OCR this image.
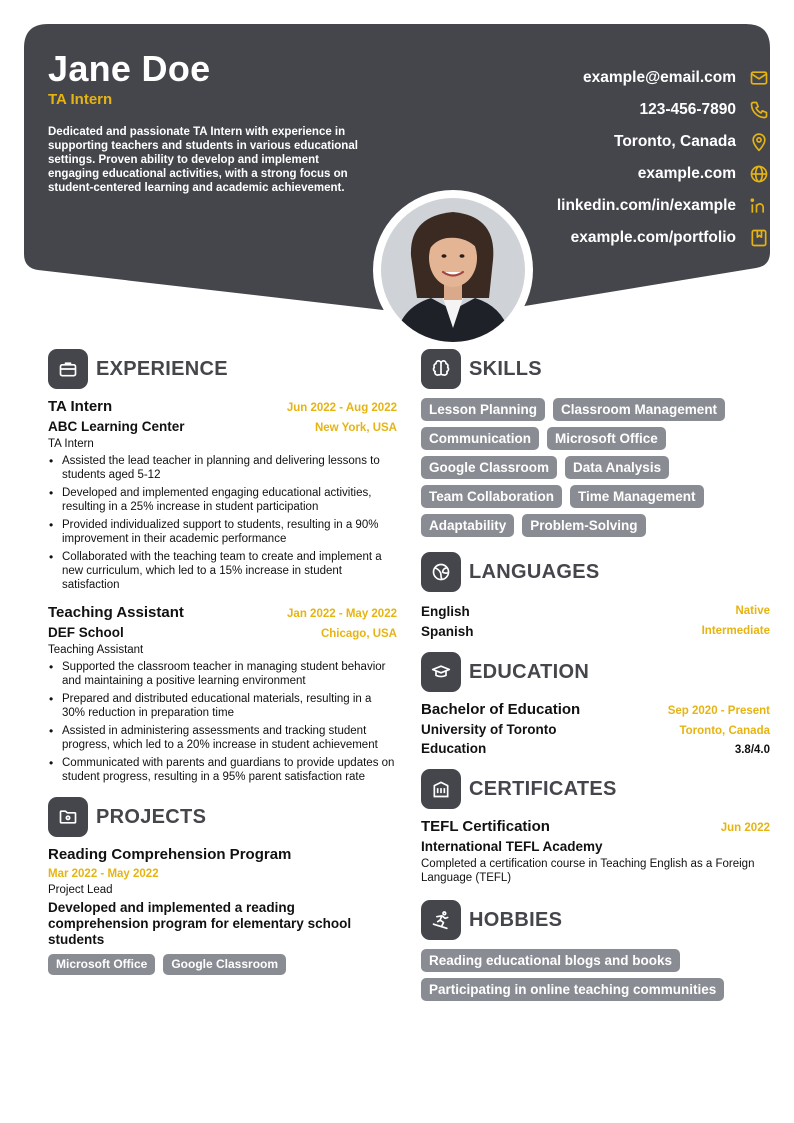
Jane Doe
TA Intern
Dedicated and passionate TA Intern with experience in supporting teachers and students in various educational settings. Proven ability to develop and implement engaging educational activities, with a strong focus on student-centered learning and academic achievement.
example@email.com
123-456-7890
Toronto, Canada
example.com
linkedin.com/in/example
example.com/portfolio
EXPERIENCE
TA Intern	Jun 2022 - Aug 2022
ABC Learning Center	New York, USA
TA Intern
• Assisted the lead teacher in planning and delivering lessons to students aged 5-12
• Developed and implemented engaging educational activities, resulting in a 25% increase in student participation
• Provided individualized support to students, resulting in a 90% improvement in their academic performance
• Collaborated with the teaching team to create and implement a new curriculum, which led to a 15% increase in student satisfaction
Teaching Assistant	Jan 2022 - May 2022
DEF School	Chicago, USA
Teaching Assistant
• Supported the classroom teacher in managing student behavior and maintaining a positive learning environment
• Prepared and distributed educational materials, resulting in a 30% reduction in preparation time
• Assisted in administering assessments and tracking student progress, which led to a 20% increase in student achievement
• Communicated with parents and guardians to provide updates on student progress, resulting in a 95% parent satisfaction rate
PROJECTS
Reading Comprehension Program
Mar 2022 - May 2022
Project Lead
Developed and implemented a reading comprehension program for elementary school students
Microsoft Office	Google Classroom
SKILLS
Lesson Planning	Classroom Management
Communication	Microsoft Office
Google Classroom	Data Analysis
Team Collaboration	Time Management
Adaptability	Problem-Solving
LANGUAGES
English	Native
Spanish	Intermediate
EDUCATION
Bachelor of Education	Sep 2020 - Present
University of Toronto	Toronto, Canada
Education	3.8/4.0
CERTIFICATES
TEFL Certification	Jun 2022
International TEFL Academy
Completed a certification course in Teaching English as a Foreign Language (TEFL)
HOBBIES
Reading educational blogs and books
Participating in online teaching communities
